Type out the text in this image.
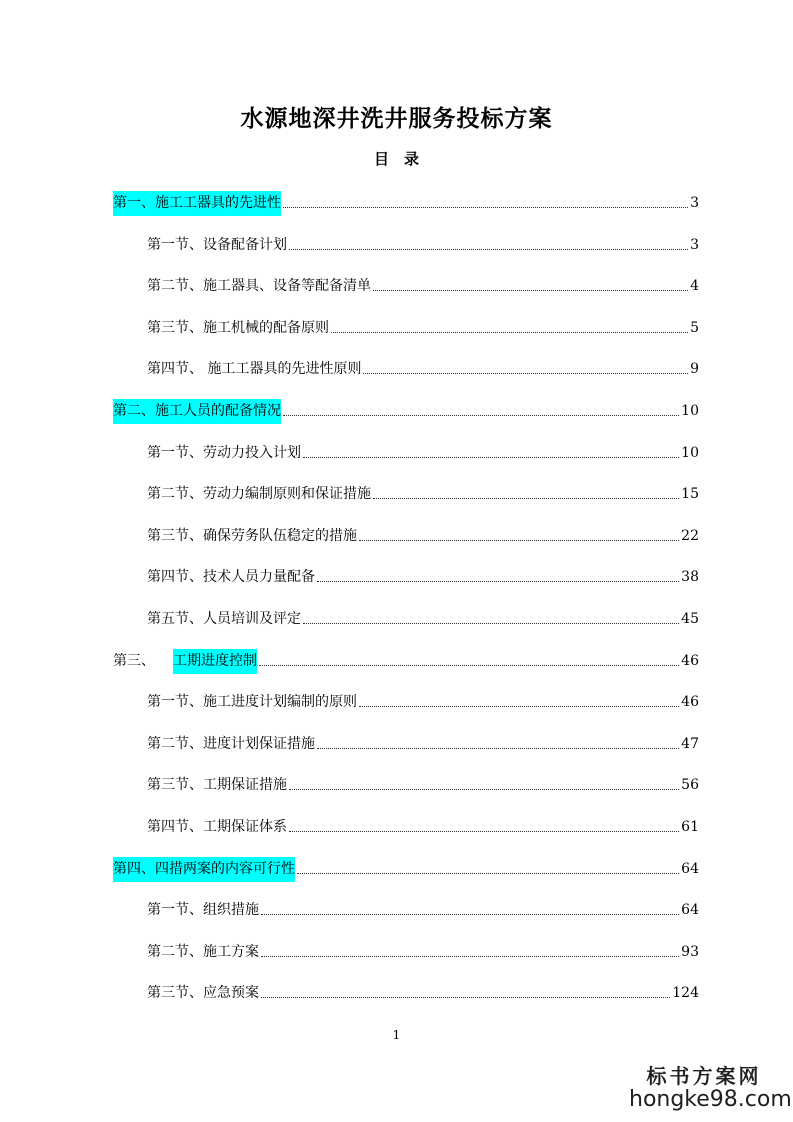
水源地深井洗井服务投标方案
目　录
第一、施工工器具的先进性	3
第一节、设备配备计划	3
第二节、施工器具、设备等配备清单	4
第三节、施工机械的配备原则	5
第四节、 施工工器具的先进性原则	9
第二、施工人员的配备情况	10
第一节、劳动力投入计划	10
第二节、劳动力编制原则和保证措施	15
第三节、确保劳务队伍稳定的措施	22
第四节、技术人员力量配备	38
第五节、人员培训及评定	45
第三、	工期进度控制	46
第一节、施工进度计划编制的原则	46
第二节、进度计划保证措施	47
第三节、工期保证措施	56
第四节、工期保证体系	61
第四、四措两案的内容可行性	64
第一节、组织措施	64
第二节、施工方案	93
第三节、应急预案	124
1
标书方案网
hongke98.com
